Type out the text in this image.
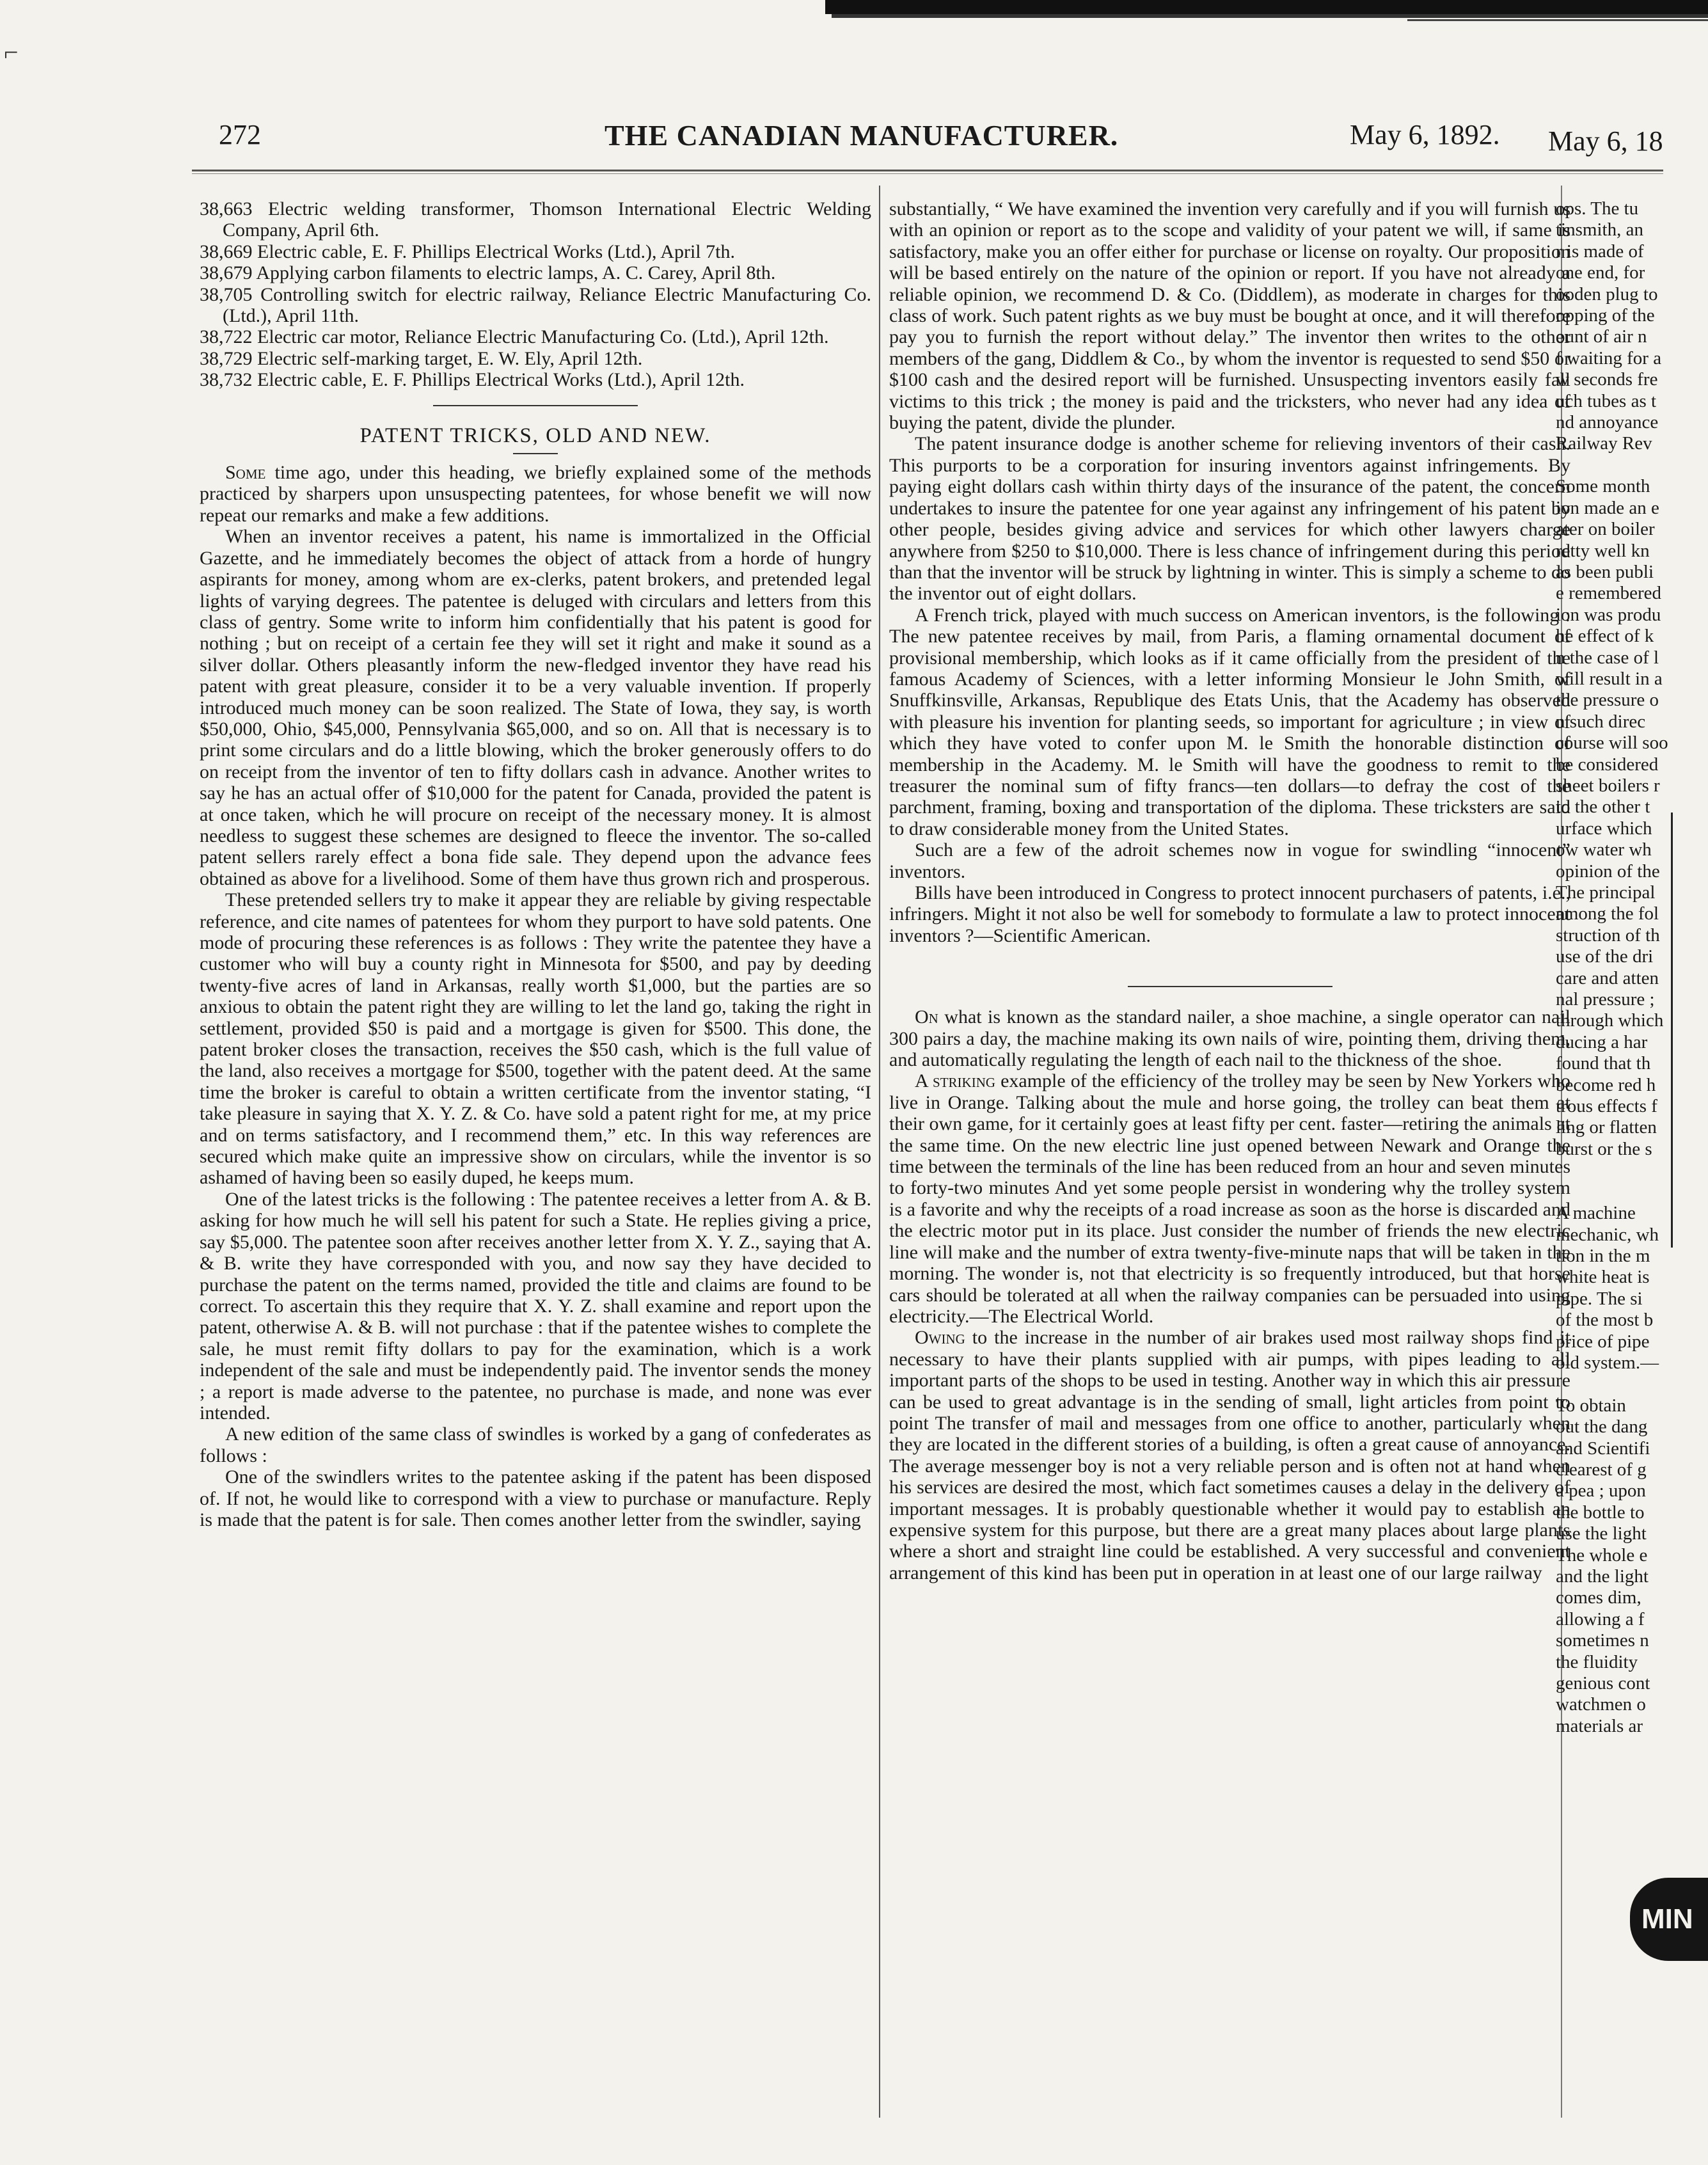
⌐
272	THE CANADIAN MANUFACTURER.	May 6, 1892. May 6, 18

38,663 Electric welding transformer, Thomson International Electric Welding Company, April 6th.

38,669 Electric cable, E. F. Phillips Electrical Works (Ltd.), April 7th.

38,679 Applying carbon filaments to electric lamps, A. C. Carey, April 8th.

38,705 Controlling switch for electric railway, Reliance Electric Manufacturing Co. (Ltd.), April 11th.

38,722 Electric car motor, Reliance Electric Manufacturing Co. (Ltd.), April 12th.

38,729 Electric self-marking target, E. W. Ely, April 12th.

38,732 Electric cable, E. F. Phillips Electrical Works (Ltd.), April 12th.

PATENT TRICKS, OLD AND NEW.

Some time ago, under this heading, we briefly explained some of the methods practiced by sharpers upon unsuspecting patentees, for whose benefit we will now repeat our remarks and make a few additions.

When an inventor receives a patent, his name is immortalized in the Official Gazette, and he immediately becomes the object of attack from a horde of hungry aspirants for money, among whom are ex-clerks, patent brokers, and pretended legal lights of varying degrees. The patentee is deluged with circulars and letters from this class of gentry. Some write to inform him confidentially that his patent is good for nothing ; but on receipt of a certain fee they will set it right and make it sound as a silver dollar. Others pleasantly inform the new-fledged inventor they have read his patent with great pleasure, consider it to be a very valuable invention. If properly introduced much money can be soon realized. The State of Iowa, they say, is worth $50,000, Ohio, $45,000, Pennsylvania $65,000, and so on. All that is necessary is to print some circulars and do a little blowing, which the broker generously offers to do on receipt from the inventor of ten to fifty dollars cash in advance. Another writes to say he has an actual offer of $10,000 for the patent for Canada, provided the patent is at once taken, which he will procure on receipt of the necessary money. It is almost needless to suggest these schemes are designed to fleece the inventor. The so-called patent sellers rarely effect a bona fide sale. They depend upon the advance fees obtained as above for a livelihood. Some of them have thus grown rich and prosperous.

These pretended sellers try to make it appear they are reliable by giving respectable reference, and cite names of patentees for whom they purport to have sold patents. One mode of procuring these references is as follows : They write the patentee they have a customer who will buy a county right in Minnesota for $500, and pay by deeding twenty-five acres of land in Arkansas, really worth $1,000, but the parties are so anxious to obtain the patent right they are willing to let the land go, taking the right in settlement, provided $50 is paid and a mortgage is given for $500. This done, the patent broker closes the transaction, receives the $50 cash, which is the full value of the land, also receives a mortgage for $500, together with the patent deed. At the same time the broker is careful to obtain a written certificate from the inventor stating, “I take pleasure in saying that X. Y. Z. & Co. have sold a patent right for me, at my price and on terms satisfactory, and I recommend them,” etc. In this way references are secured which make quite an impressive show on circulars, while the inventor is so ashamed of having been so easily duped, he keeps mum.

One of the latest tricks is the following : The patentee receives a letter from A. & B. asking for how much he will sell his patent for such a State. He replies giving a price, say $5,000. The patentee soon after receives another letter from X. Y. Z., saying that A. & B. write they have corresponded with you, and now say they have decided to purchase the patent on the terms named, provided the title and claims are found to be correct. To ascertain this they require that X. Y. Z. shall examine and report upon the patent, otherwise A. & B. will not purchase : that if the patentee wishes to complete the sale, he must remit fifty dollars to pay for the examination, which is a work independent of the sale and must be independently paid. The inventor sends the money ; a report is made adverse to the patentee, no purchase is made, and none was ever intended.

A new edition of the same class of swindles is worked by a gang of confederates as follows :

One of the swindlers writes to the patentee asking if the patent has been disposed of. If not, he would like to correspond with a view to purchase or manufacture. Reply is made that the patent is for sale. Then comes another letter from the swindler, saying

substantially, “ We have examined the invention very carefully and if you will furnish us with an opinion or report as to the scope and validity of your patent we will, if same is satisfactory, make you an offer either for purchase or license on royalty. Our proposition will be based entirely on the nature of the opinion or report. If you have not already a reliable opinion, we recommend D. & Co. (Diddlem), as moderate in charges for this class of work. Such patent rights as we buy must be bought at once, and it will therefore pay you to furnish the report without delay.” The inventor then writes to the other members of the gang, Diddlem & Co., by whom the inventor is requested to send $50 or $100 cash and the desired report will be furnished. Unsuspecting inventors easily fall victims to this trick ; the money is paid and the tricksters, who never had any idea of buying the patent, divide the plunder.

The patent insurance dodge is another scheme for relieving inventors of their cash. This purports to be a corporation for insuring inventors against infringements. By paying eight dollars cash within thirty days of the insurance of the patent, the concern undertakes to insure the patentee for one year against any infringement of his patent by other people, besides giving advice and services for which other lawyers charge anywhere from $250 to $10,000. There is less chance of infringement during this period than that the inventor will be struck by lightning in winter. This is simply a scheme to do the inventor out of eight dollars.

A French trick, played with much success on American inventors, is the following : The new patentee receives by mail, from Paris, a flaming ornamental document of provisional membership, which looks as if it came officially from the president of the famous Academy of Sciences, with a letter informing Monsieur le John Smith, of Snuffkinsville, Arkansas, Republique des Etats Unis, that the Academy has observed with pleasure his invention for planting seeds, so important for agriculture ; in view of which they have voted to confer upon M. le Smith the honorable distinction of membership in the Academy. M. le Smith will have the goodness to remit to the treasurer the nominal sum of fifty francs—ten dollars—to defray the cost of the parchment, framing, boxing and transportation of the diploma. These tricksters are said to draw considerable money from the United States.

Such are a few of the adroit schemes now in vogue for swindling “innocent” inventors.

Bills have been introduced in Congress to protect innocent purchasers of patents, i.e., infringers. Might it not also be well for somebody to formulate a law to protect innocent inventors ?—Scientific American.

On what is known as the standard nailer, a shoe machine, a single operator can nail 300 pairs a day, the machine making its own nails of wire, pointing them, driving them, and automatically regulating the length of each nail to the thickness of the shoe.

A striking example of the efficiency of the trolley may be seen by New Yorkers who live in Orange. Talking about the mule and horse going, the trolley can beat them at their own game, for it certainly goes at least fifty per cent. faster—retiring the animals at the same time. On the new electric line just opened between Newark and Orange the time between the terminals of the line has been reduced from an hour and seven minutes to forty-two minutes And yet some people persist in wondering why the trolley system is a favorite and why the receipts of a road increase as soon as the horse is discarded and the electric motor put in its place. Just consider the number of friends the new electric line will make and the number of extra twenty-five-minute naps that will be taken in the morning. The wonder is, not that electricity is so frequently introduced, but that horse cars should be tolerated at all when the railway companies can be persuaded into using electricity.—The Electrical World.

Owing to the increase in the number of air brakes used most railway shops find it necessary to have their plants supplied with air pumps, with pipes leading to all important parts of the shops to be used in testing. Another way in which this air pressure can be used to great advantage is in the sending of small, light articles from point to point The transfer of mail and messages from one office to another, particularly when they are located in the different stories of a building, is often a great cause of annoyance. The average messenger boy is not a very reliable person and is often not at hand when his services are desired the most, which fact sometimes causes a delay in the delivery of important messages. It is probably questionable whether it would pay to establish an expensive system for this purpose, but there are a great many places about large plants where a short and straight line could be established. A very successful and convenient arrangement of this kind has been put in operation in at least one of our large railway

ops. The tu
tinsmith, an
r is made of
one end, for
ooden plug to
opping of the
ount of air n
f waiting for a
w seconds fre
uch tubes as t
nd annoyance
Railway Rev

Some month
ion made an e
ater on boiler
retty well kn
as been publi
e remembered
ion was produ
he effect of k
n the case of l
will result in a
the pressure o
n such direc
course will soo
be considered
sheet boilers r
to the other t
urface which
ow water wh
opinion of the
The principal
among the fol
struction of th
use of the dri
care and atten
nal pressure ;
through which
ducing a har
found that th
become red h
trous effects f
ling or flatten
burst or the s

A machine
mechanic, wh
tion in the m
white heat is
pipe. The si
of the most b
price of pipe
old system.—

To obtain
out the dang
and Scientifi
clearest of g
a pea ; upon
the bottle to
use the light
The whole e
and the light
comes dim,
allowing a f
sometimes n
the fluidity
genious cont
watchmen o
materials ar
MIN
